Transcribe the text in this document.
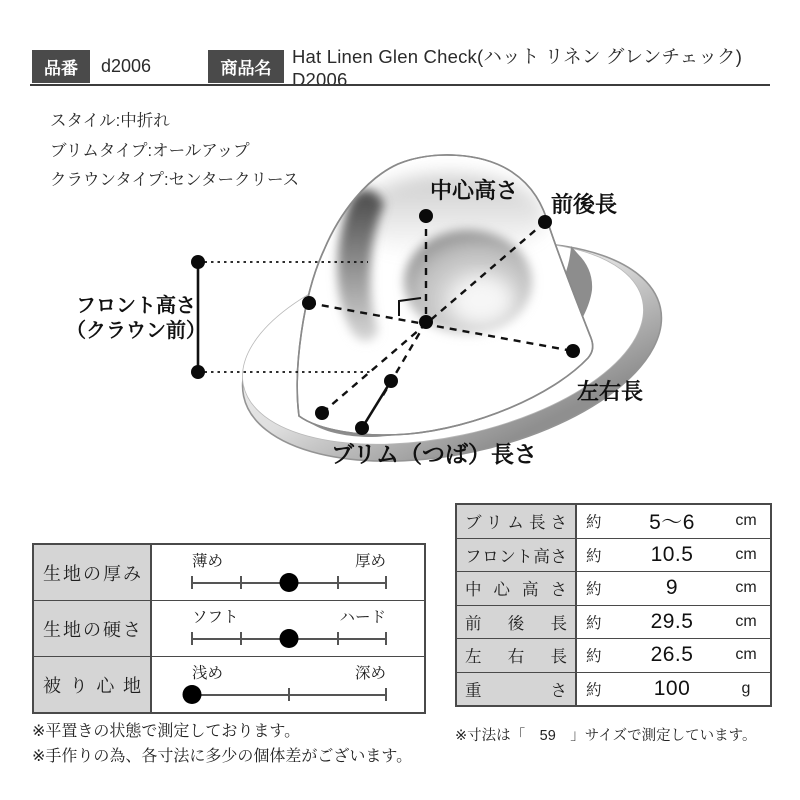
品番	d2006	商品名
Hat Linen Glen Check(ハット リネン グレンチェック) D2006
スタイル:中折れ
ブリムタイプ:オールアップ
クラウンタイプ:センタークリース	中心高さ
前後長
フロント高さ
（クラウン前）
左右長
ブリム（つば）長さ
生地の厚み
薄め	厚め
生地の硬さ
ソフト	ハード
被り心地
浅め	深め
ブリム長さ	約	5〜6	cm
フロント高さ	約	10.5	cm
中心高さ	約	9	cm
前後長	約	29.5	cm
左右長	約	26.5	cm
重さ	約	100	g
※平置きの状態で測定しております。
※手作りの為、各寸法に多少の個体差がございます。
※寸法は「　59　」サイズで測定しています。
